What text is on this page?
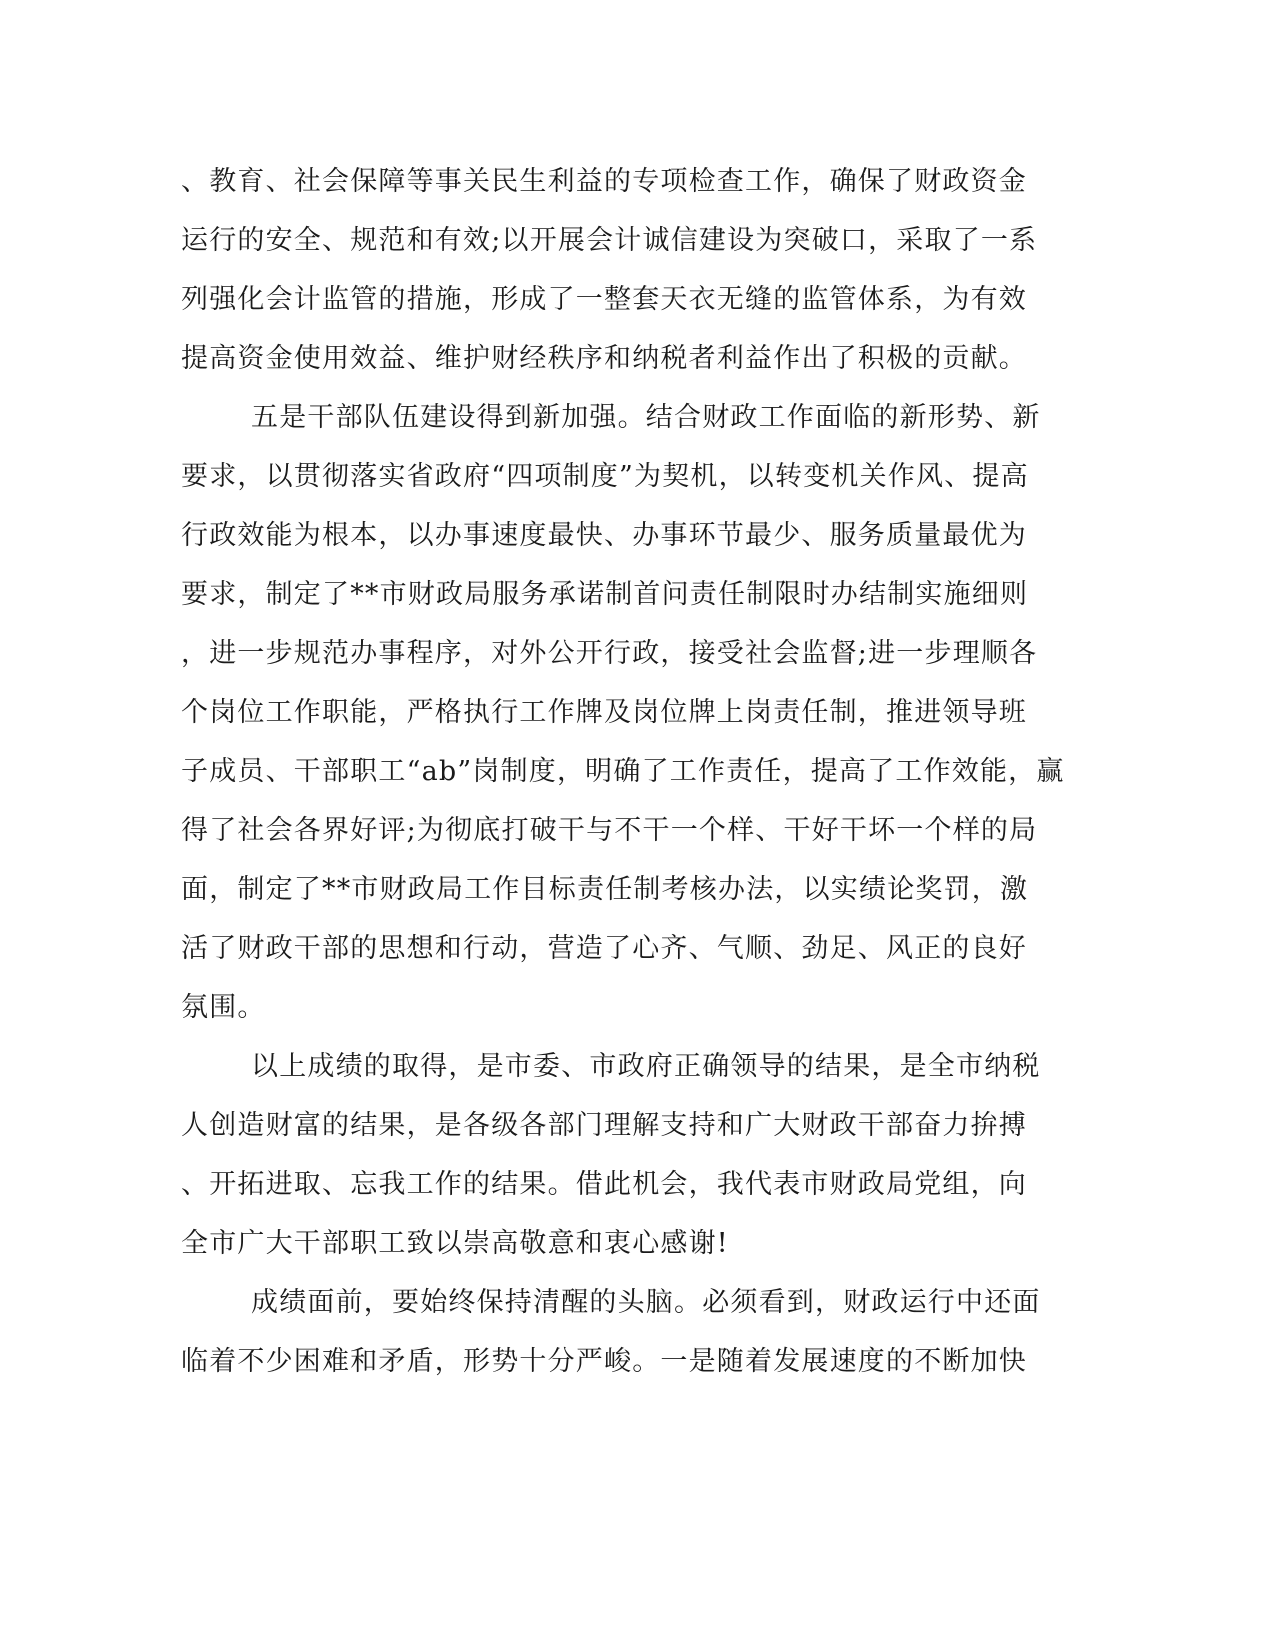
、教育、社会保障等事关民生利益的专项检查工作，确保了财政资金
运行的安全、规范和有效;以开展会计诚信建设为突破口，采取了一系
列强化会计监管的措施，形成了一整套天衣无缝的监管体系，为有效
提高资金使用效益、维护财经秩序和纳税者利益作出了积极的贡献。
五是干部队伍建设得到新加强。结合财政工作面临的新形势、新
要求，以贯彻落实省政府“四项制度”为契机，以转变机关作风、提高
行政效能为根本，以办事速度最快、办事环节最少、服务质量最优为
要求，制定了**市财政局服务承诺制首问责任制限时办结制实施细则
，进一步规范办事程序，对外公开行政，接受社会监督;进一步理顺各
个岗位工作职能，严格执行工作牌及岗位牌上岗责任制，推进领导班
子成员、干部职工“ab”岗制度，明确了工作责任，提高了工作效能，赢
得了社会各界好评;为彻底打破干与不干一个样、干好干坏一个样的局
面，制定了**市财政局工作目标责任制考核办法，以实绩论奖罚，激
活了财政干部的思想和行动，营造了心齐、气顺、劲足、风正的良好
氛围。
以上成绩的取得，是市委、市政府正确领导的结果，是全市纳税
人创造财富的结果，是各级各部门理解支持和广大财政干部奋力拚搏
、开拓进取、忘我工作的结果。借此机会，我代表市财政局党组，向
全市广大干部职工致以崇高敬意和衷心感谢!
成绩面前，要始终保持清醒的头脑。必须看到，财政运行中还面
临着不少困难和矛盾，形势十分严峻。一是随着发展速度的不断加快
